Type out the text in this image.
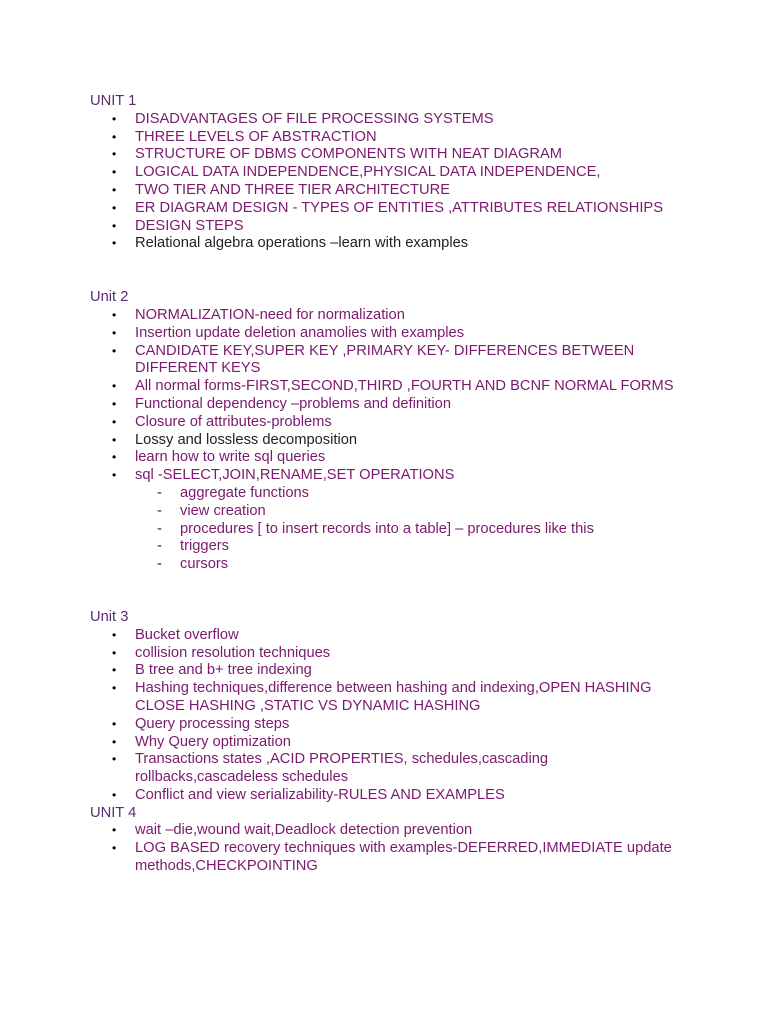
UNIT 1

• DISADVANTAGES OF FILE PROCESSING SYSTEMS
• THREE LEVELS OF ABSTRACTION
• STRUCTURE OF DBMS COMPONENTS WITH NEAT DIAGRAM
• LOGICAL DATA INDEPENDENCE,PHYSICAL DATA INDEPENDENCE,
• TWO TIER AND THREE TIER ARCHITECTURE
• ER DIAGRAM DESIGN - TYPES OF ENTITIES ,ATTRIBUTES RELATIONSHIPS
• DESIGN STEPS
• Relational algebra operations –learn with examples

Unit 2

• NORMALIZATION-need for normalization
• Insertion update deletion anamolies with examples
• CANDIDATE KEY,SUPER KEY ,PRIMARY KEY- DIFFERENCES BETWEEN DIFFERENT KEYS
• All normal forms-FIRST,SECOND,THIRD ,FOURTH AND BCNF NORMAL FORMS
• Functional dependency –problems and definition
• Closure of attributes-problems
• Lossy and lossless decomposition
• learn how to write sql queries
• sql -SELECT,JOIN,RENAME,SET OPERATIONS
- aggregate functions
- view creation
- procedures [ to insert records into a table] – procedures like this
- triggers
- cursors

Unit 3

• Bucket overflow
• collision resolution techniques
• B tree and b+ tree indexing
• Hashing techniques,difference between hashing and indexing,OPEN HASHING CLOSE HASHING ,STATIC VS DYNAMIC HASHING
• Query processing steps
• Why Query optimization
• Transactions states ,ACID PROPERTIES, schedules,cascading rollbacks,cascadeless schedules
• Conflict and view serializability-RULES AND EXAMPLES

UNIT 4

• wait –die,wound wait,Deadlock detection prevention
• LOG BASED recovery techniques with examples-DEFERRED,IMMEDIATE update methods,CHECKPOINTING
